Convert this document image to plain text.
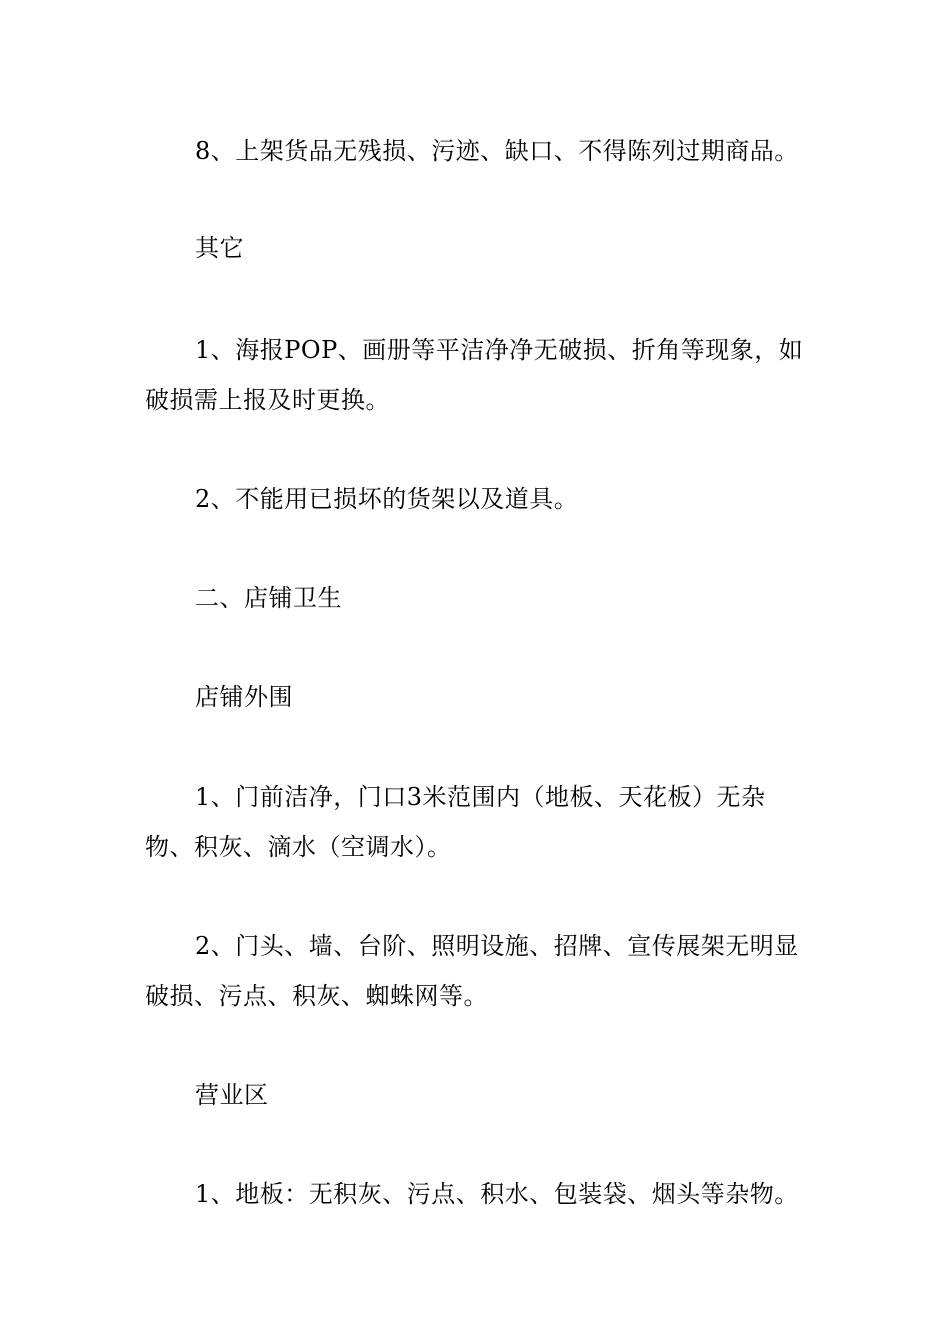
8、上架货品无残损、污迹、缺口、不得陈列过期商品。

其它

1、海报POP、画册等平洁净净无破损、折角等现象，如破损需上报及时更换。

2、不能用已损坏的货架以及道具。

二、店铺卫生

店铺外围

1、门前洁净，门口3米范围内（地板、天花板）无杂物、积灰、滴水（空调水）。

2、门头、墙、台阶、照明设施、招牌、宣传展架无明显破损、污点、积灰、蜘蛛网等。

营业区

1、地板：无积灰、污点、积水、包装袋、烟头等杂物。
